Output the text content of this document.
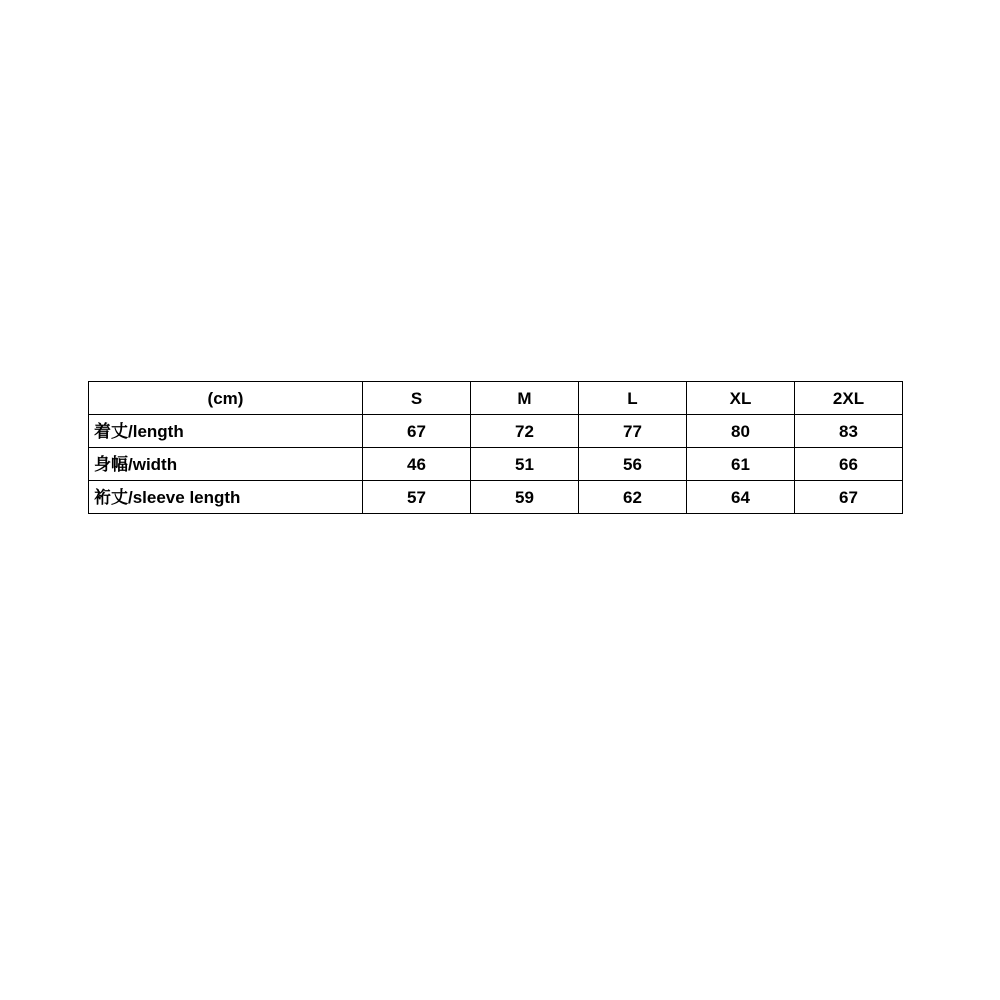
(cm)	S	M	L	XL	2XL
着丈/length	67	72	77	80	83
身幅/width	46	51	56	61	66
裄丈/sleeve length	57	59	62	64	67
